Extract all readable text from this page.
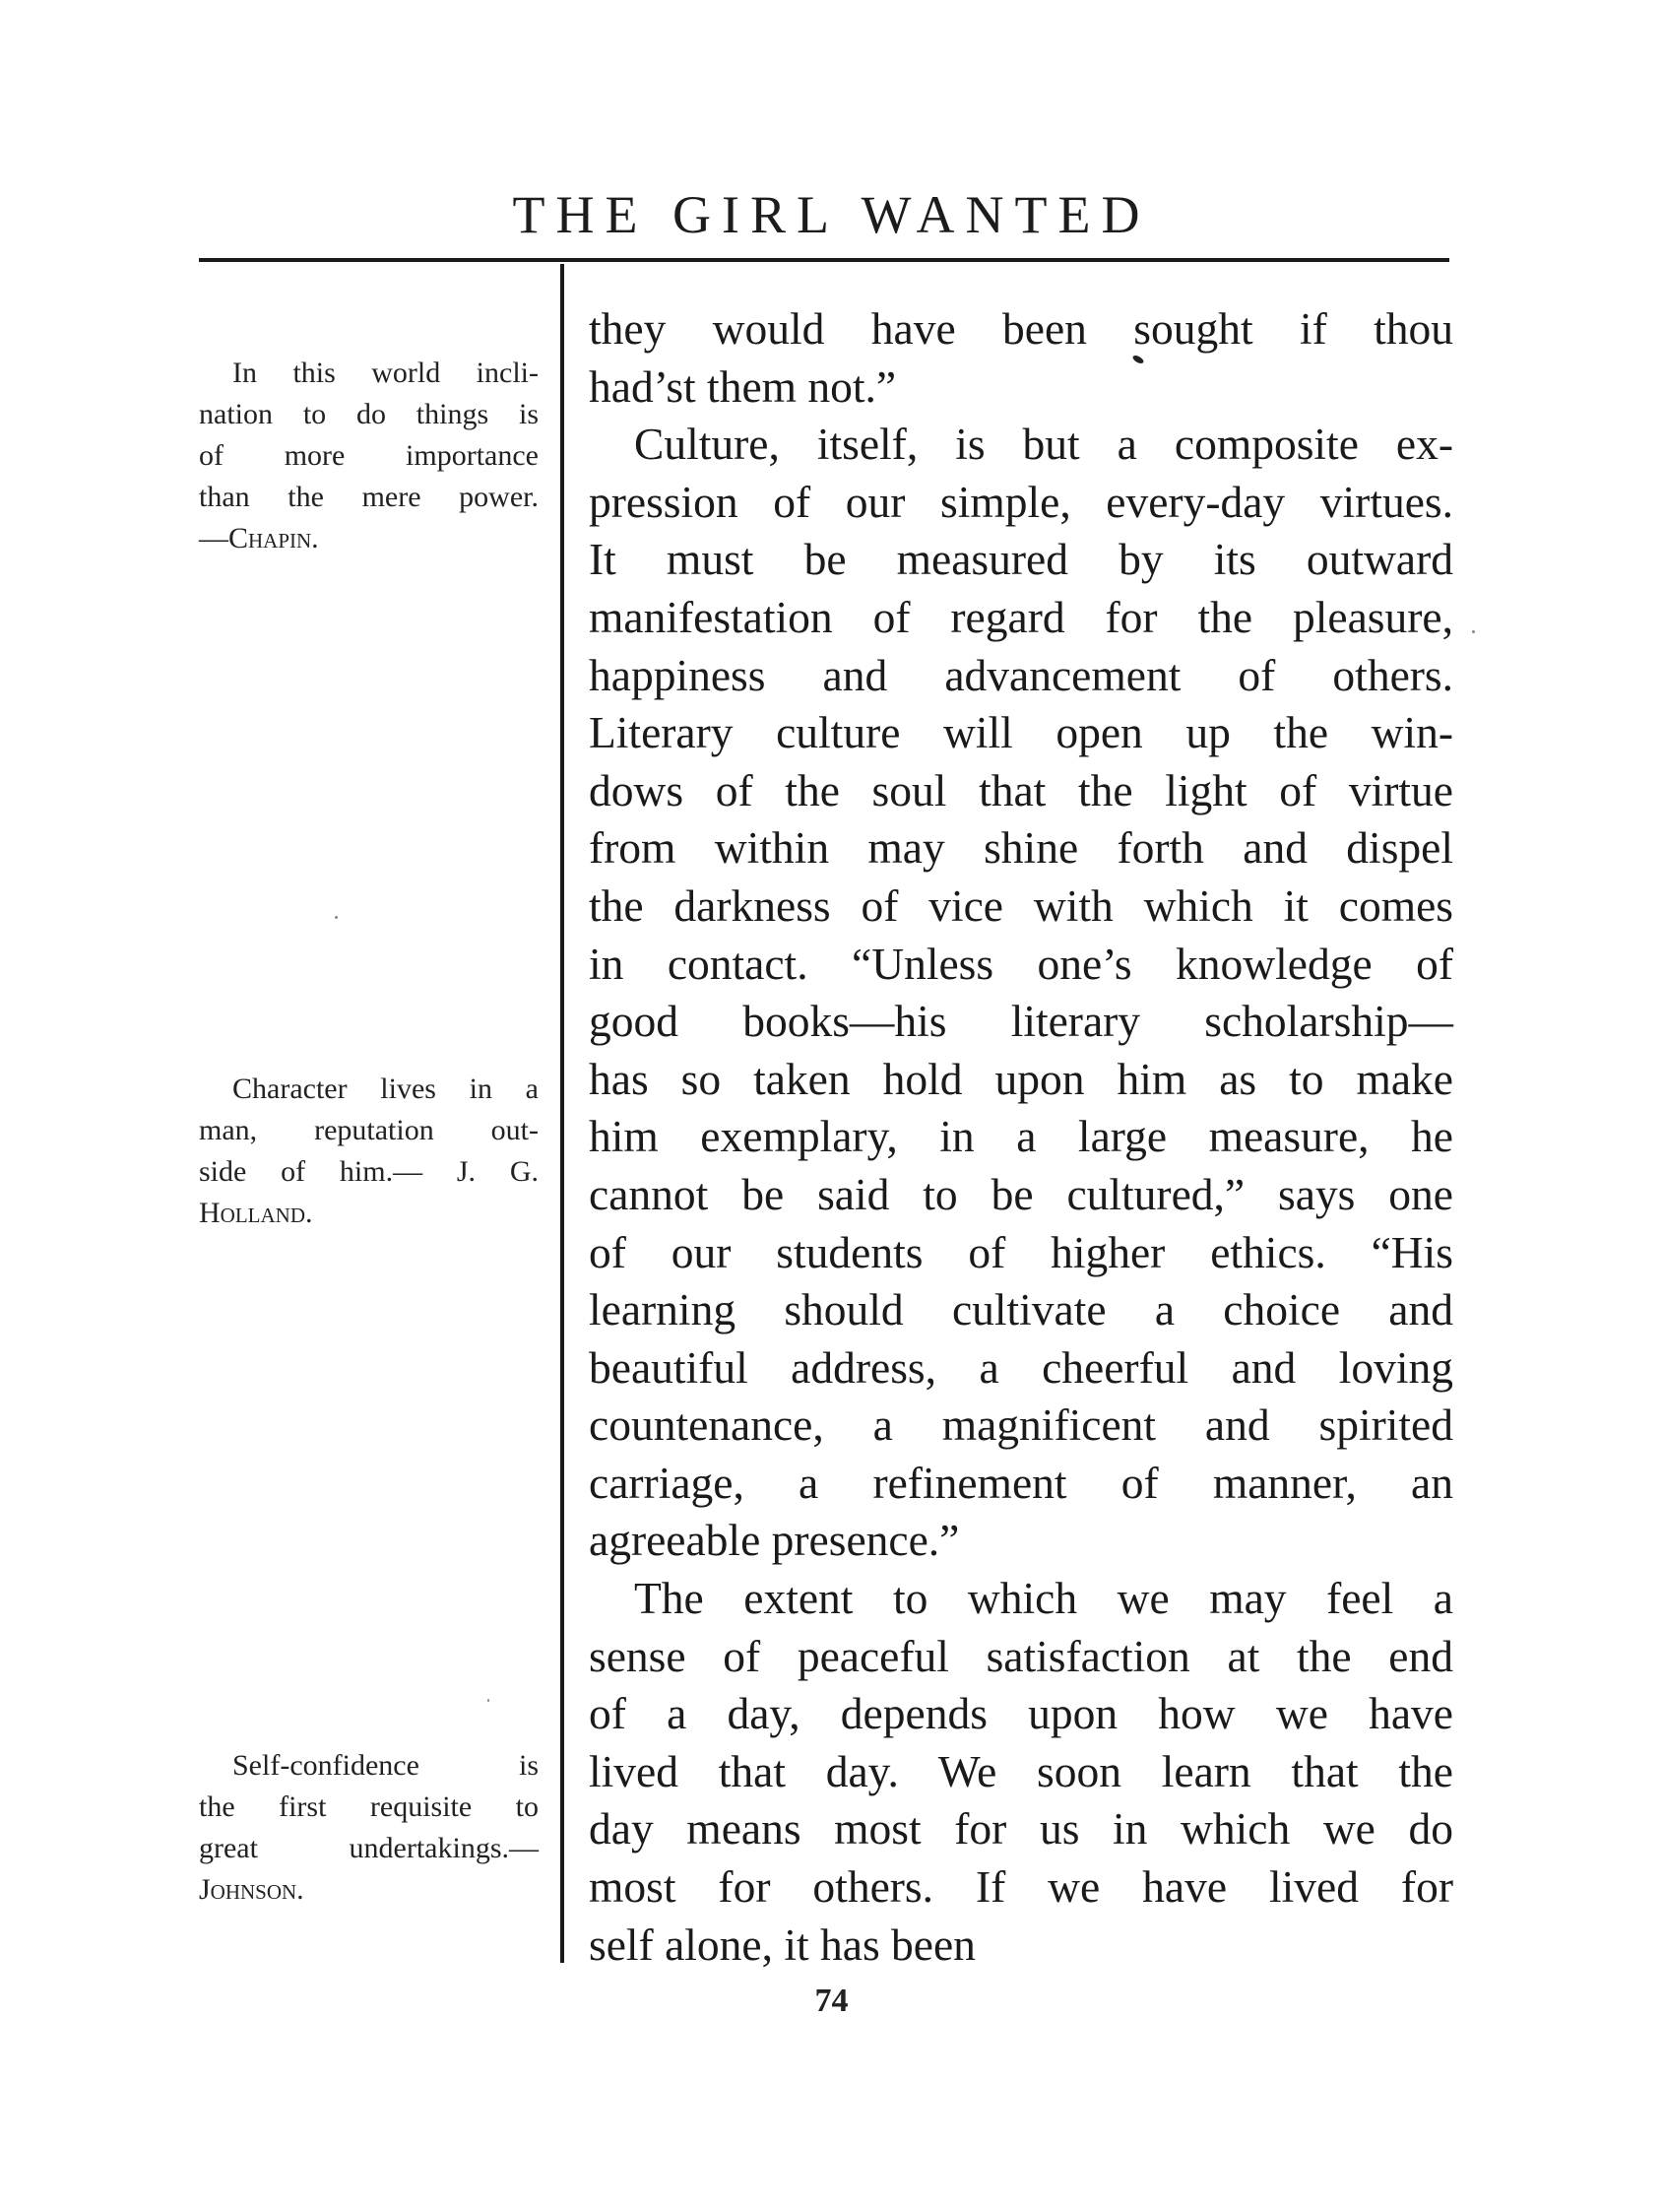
THE GIRL WANTED
In this world incli-
nation to do things is
of more importance
than the mere power.
—Chapin.
Character lives in a
man, reputation out-
side of him.— J. G.
Holland.
Self-confidence is
the first requisite to
great undertakings.—
Johnson.
they would have been sought if thou
had’st them not.”
Culture, itself, is but a composite ex-
pression of our simple, every-day virtues.
It must be measured by its outward
manifestation of regard for the pleasure,
happiness and advancement of others.
Literary culture will open up the win-
dows of the soul that the light of virtue
from within may shine forth and dispel
the darkness of vice with which it comes
in contact. “Unless one’s knowledge of
good books—his literary scholarship—
has so taken hold upon him as to make
him exemplary, in a large measure, he
cannot be said to be cultured,” says one
of our students of higher ethics. “His
learning should cultivate a choice and
beautiful address, a cheerful and loving
countenance, a magnificent and spirited
carriage, a refinement of manner, an
agreeable presence.”
The extent to which we may feel a
sense of peaceful satisfaction at the end
of a day, depends upon how we have
lived that day. We soon learn that the
day means most for us in which we do
most for others. If we have lived for
self alone, it has been
74
